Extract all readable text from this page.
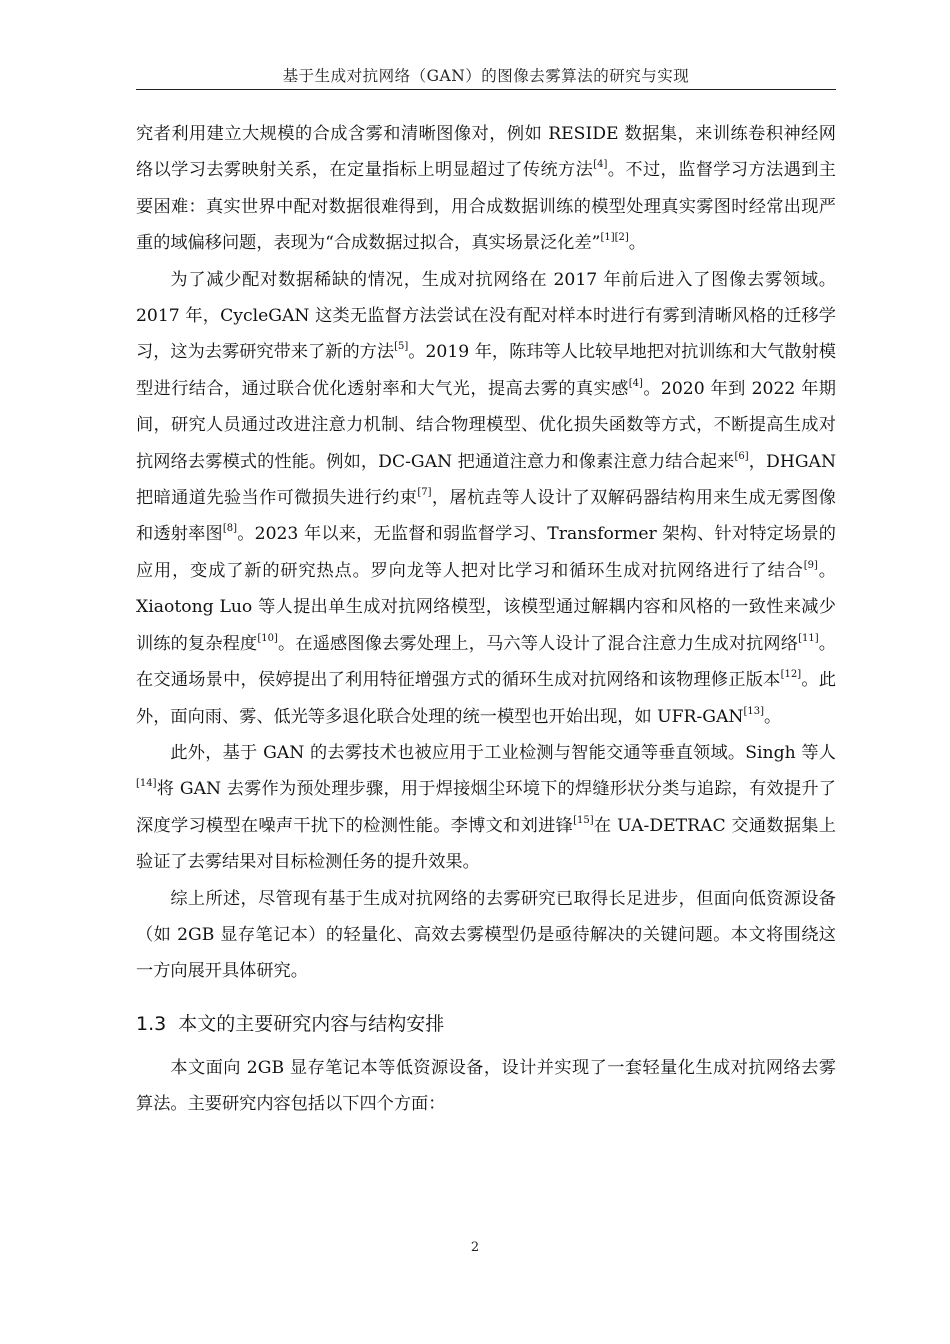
基于生成对抗网络（GAN）的图像去雾算法的研究与实现

究者利用建立大规模的合成含雾和清晰图像对，例如 RESIDE 数据集，来训练卷积神经网络以学习去雾映射关系，在定量指标上明显超过了传统方法[4]。不过，监督学习方法遇到主要困难：真实世界中配对数据很难得到，用合成数据训练的模型处理真实雾图时经常出现严重的域偏移问题，表现为“合成数据过拟合，真实场景泛化差”[1][2]。

为了减少配对数据稀缺的情况，生成对抗网络在 2017 年前后进入了图像去雾领域。2017 年，CycleGAN 这类无监督方法尝试在没有配对样本时进行有雾到清晰风格的迁移学习，这为去雾研究带来了新的方法[5]。2019 年，陈玮等人比较早地把对抗训练和大气散射模型进行结合，通过联合优化透射率和大气光，提高去雾的真实感[4]。2020 年到 2022 年期间，研究人员通过改进注意力机制、结合物理模型、优化损失函数等方式，不断提高生成对抗网络去雾模式的性能。例如，DC-GAN 把通道注意力和像素注意力结合起来[6]，DHGAN 把暗通道先验当作可微损失进行约束[7]，屠杭垚等人设计了双解码器结构用来生成无雾图像和透射率图[8]。2023 年以来，无监督和弱监督学习、Transformer 架构、针对特定场景的应用，变成了新的研究热点。罗向龙等人把对比学习和循环生成对抗网络进行了结合[9]。Xiaotong Luo 等人提出单生成对抗网络模型，该模型通过解耦内容和风格的一致性来减少训练的复杂程度[10]。在遥感图像去雾处理上，马六等人设计了混合注意力生成对抗网络[11]。在交通场景中，侯婷提出了利用特征增强方式的循环生成对抗网络和该物理修正版本[12]。此外，面向雨、雾、低光等多退化联合处理的统一模型也开始出现，如 UFR-GAN[13]。

此外，基于 GAN 的去雾技术也被应用于工业检测与智能交通等垂直领域。Singh 等人[14]将 GAN 去雾作为预处理步骤，用于焊接烟尘环境下的焊缝形状分类与追踪，有效提升了深度学习模型在噪声干扰下的检测性能。李博文和刘进锋[15]在 UA-DETRAC 交通数据集上验证了去雾结果对目标检测任务的提升效果。

综上所述，尽管现有基于生成对抗网络的去雾研究已取得长足进步，但面向低资源设备（如 2GB 显存笔记本）的轻量化、高效去雾模型仍是亟待解决的关键问题。本文将围绕这一方向展开具体研究。

1.3 本文的主要研究内容与结构安排

本文面向 2GB 显存笔记本等低资源设备，设计并实现了一套轻量化生成对抗网络去雾算法。主要研究内容包括以下四个方面：

2
